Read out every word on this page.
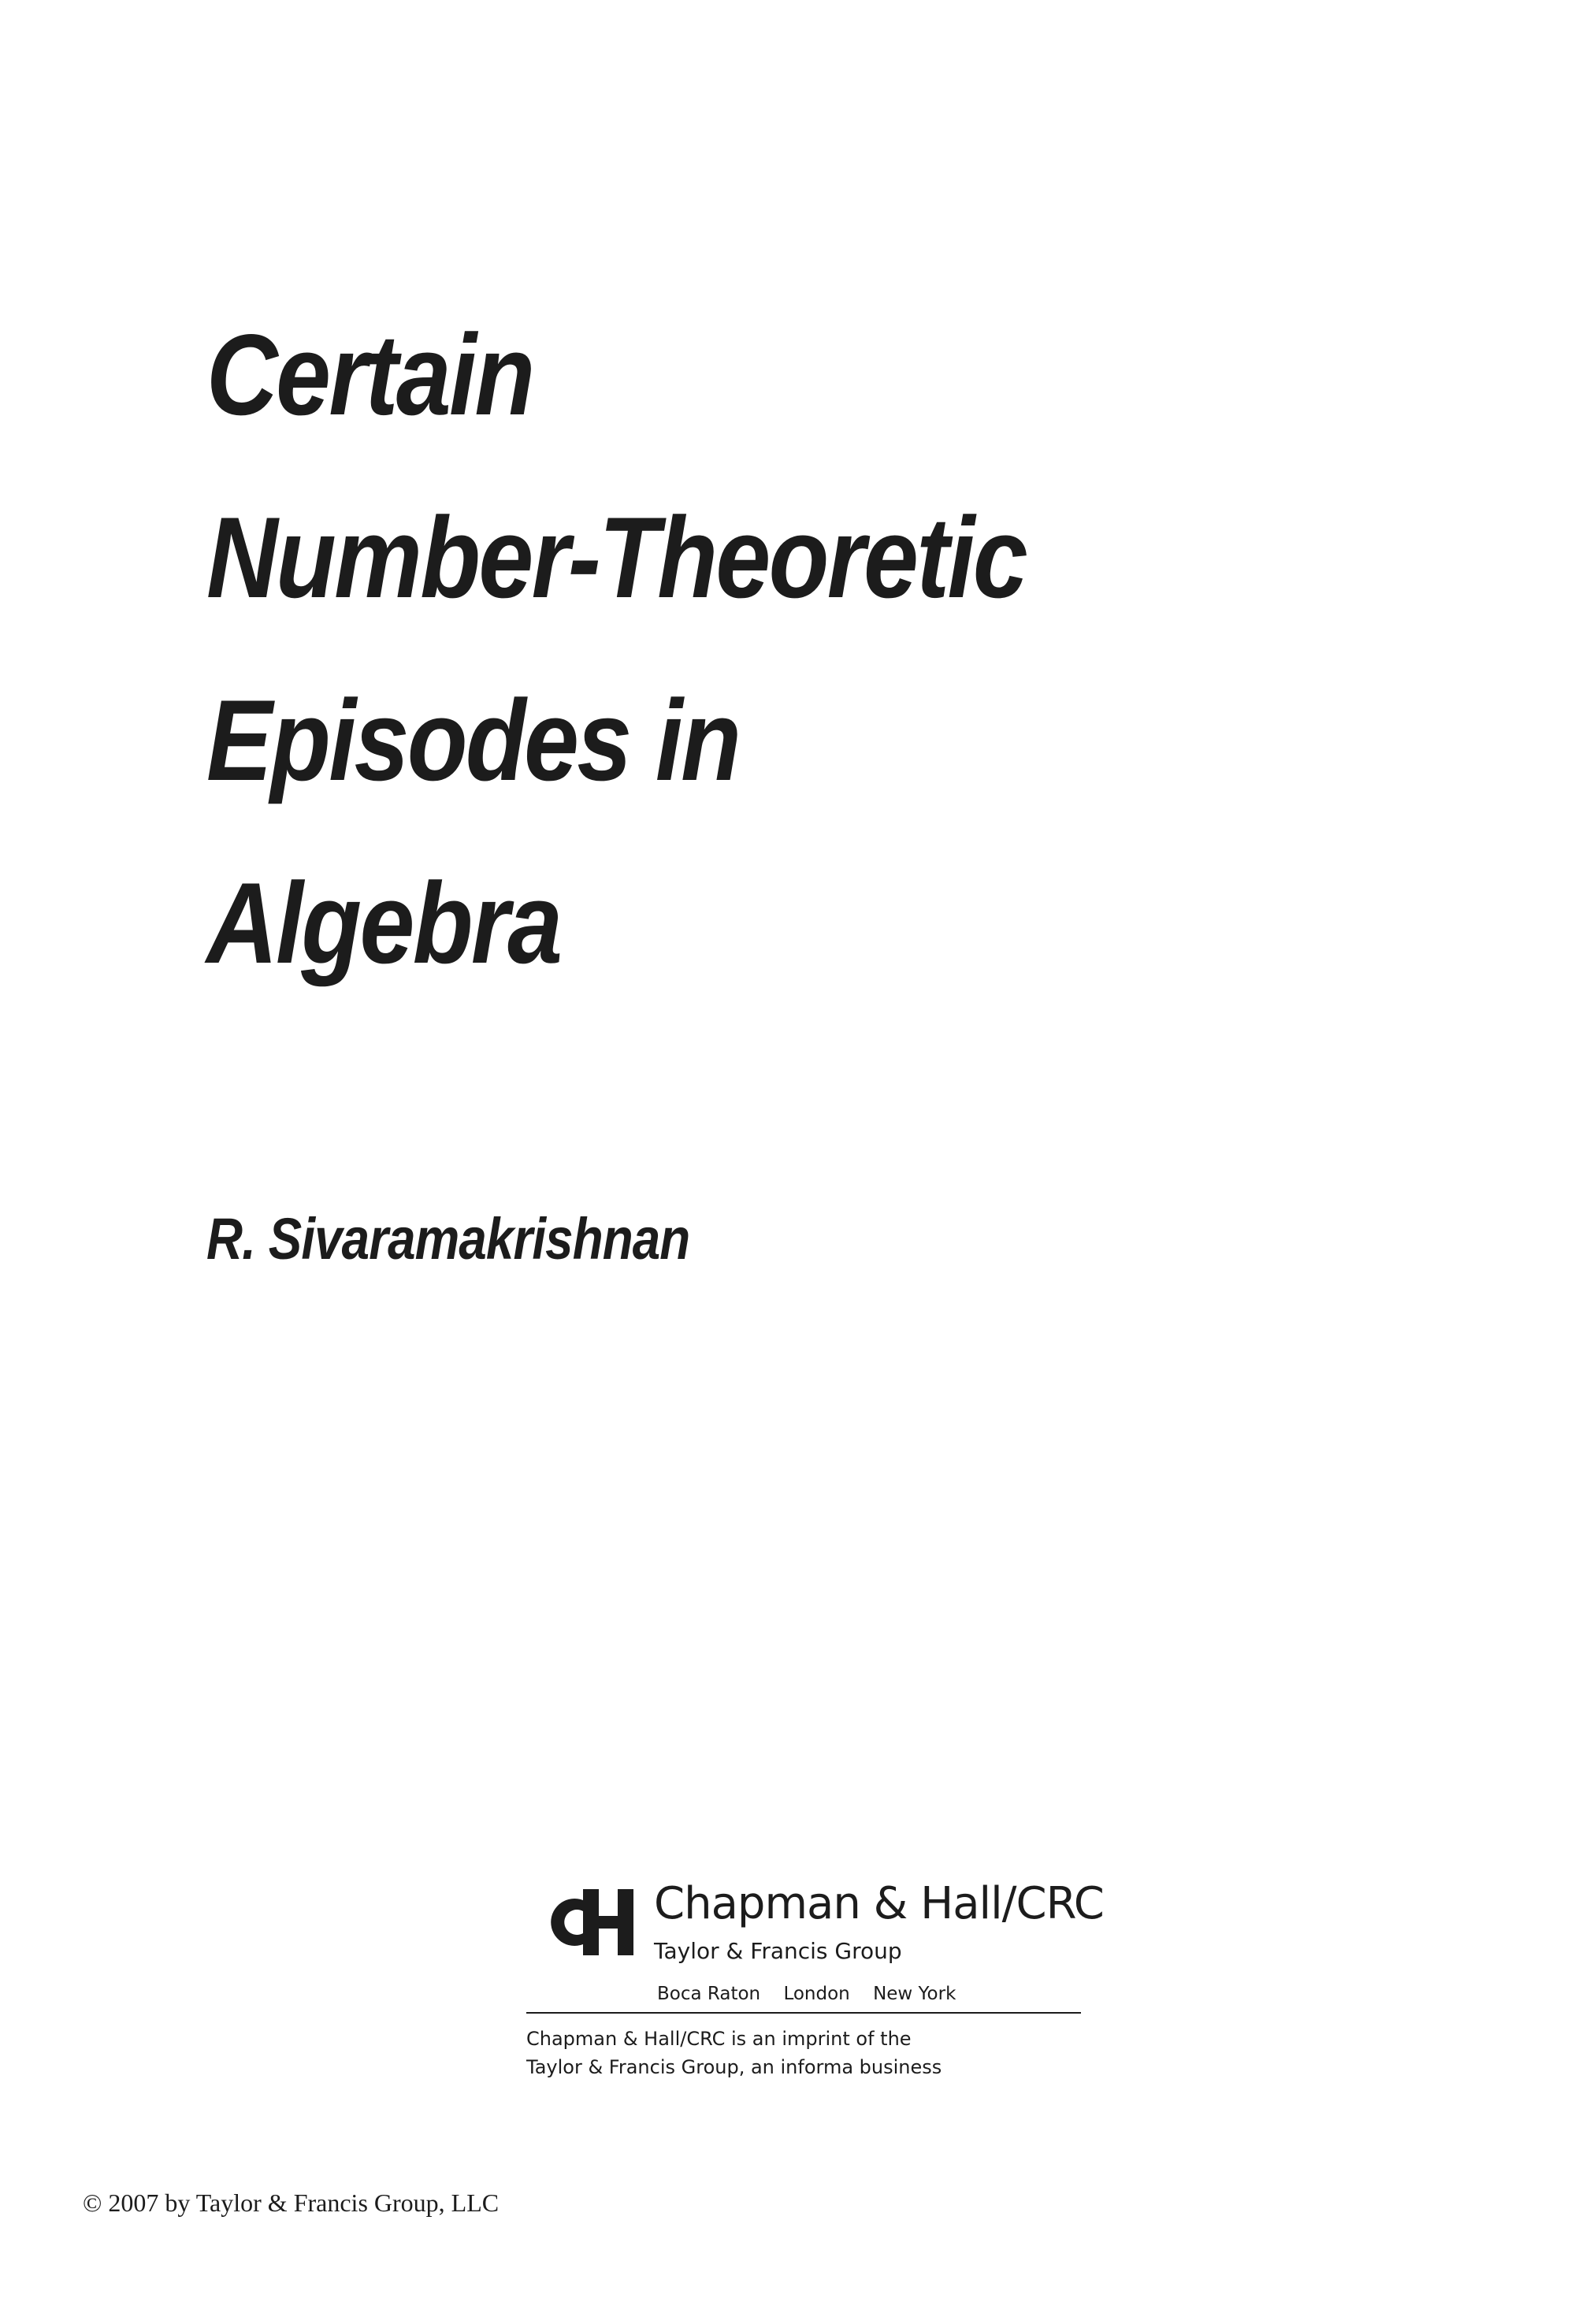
Certain
Number-Theoretic
Episodes in
Algebra
R. Sivaramakrishnan
Chapman & Hall/CRC
Taylor & Francis Group
Boca Raton London New York
Chapman & Hall/CRC is an imprint of the
Taylor & Francis Group, an informa business
© 2007 by Taylor & Francis Group, LLC
